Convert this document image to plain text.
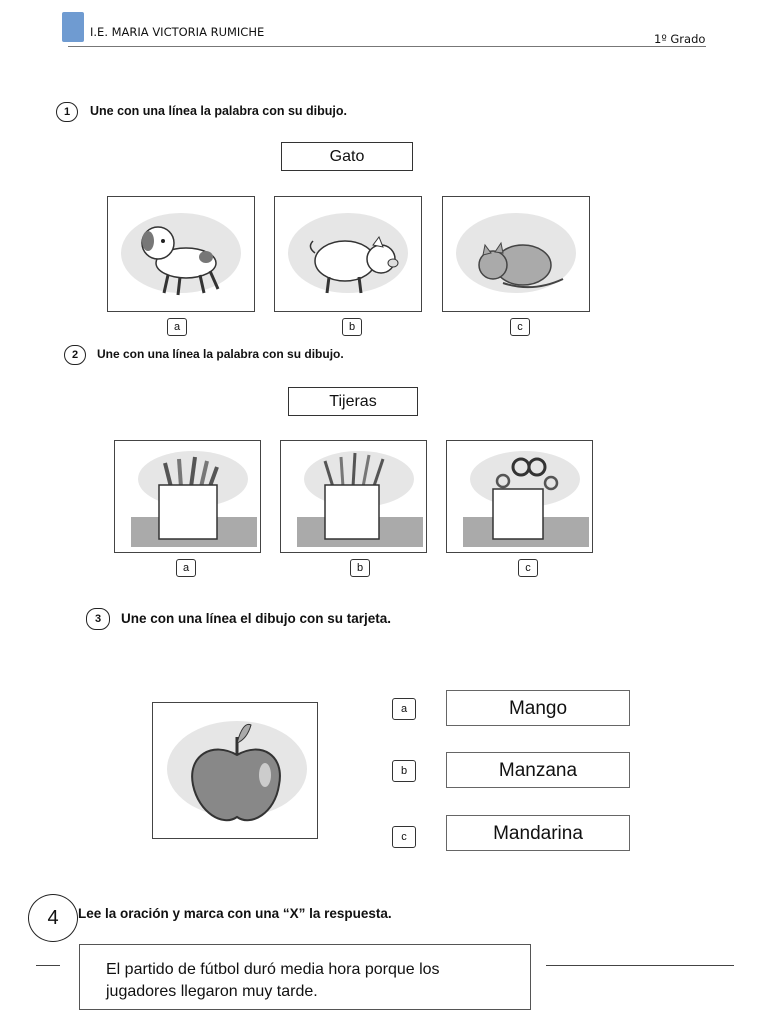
I.E. MARIA VICTORIA RUMICHE	1º Grado
1	Une con una línea la palabra con su dibujo.
Gato
a	b	c
2	Une con una línea la palabra con su dibujo.
Tijeras
a	b	c
3	Une con una línea el dibujo con su tarjeta.
a	Mango
b	Manzana
c	Mandarina
4	Lee la oración y marca con una “X” la respuesta.
El partido de fútbol duró media hora porque los
jugadores llegaron muy tarde.
